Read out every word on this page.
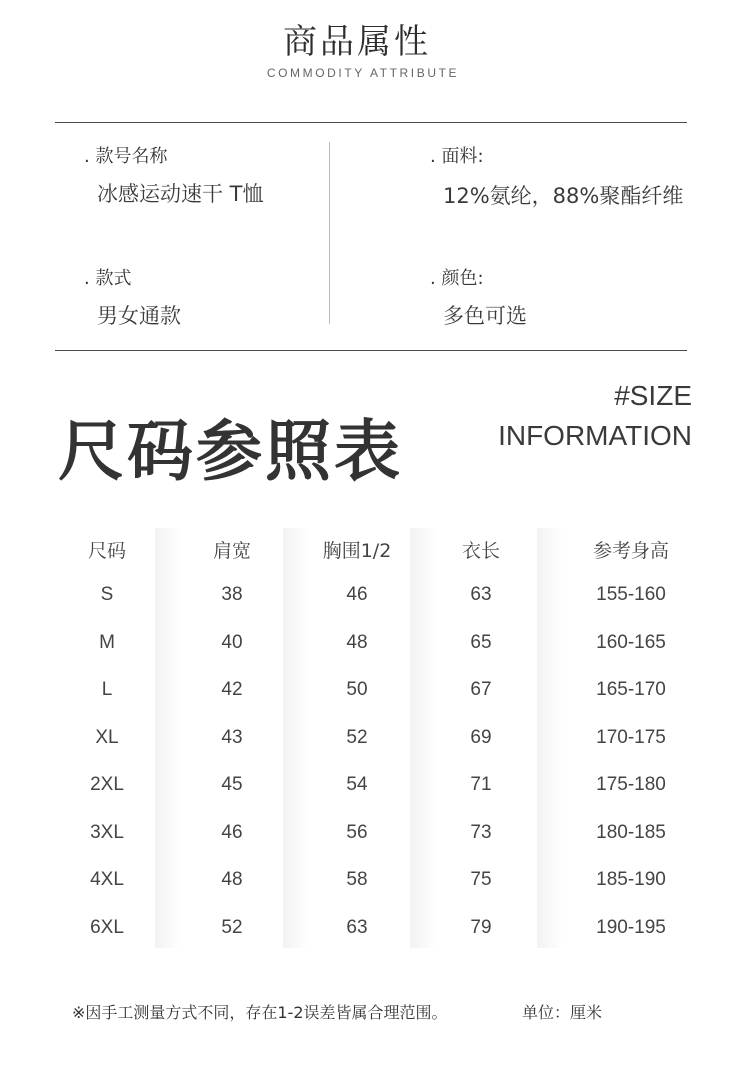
商品属性
COMMODITY ATTRIBUTE
. 款号名称
冰感运动速干 T恤
. 面料:
12%氨纶，88%聚酯纤维
. 款式
男女通款
. 颜色:
多色可选
尺码参照表
#SIZE
INFORMATION
尺码	肩宽	胸围1/2	衣长	参考身高
S	38	46	63	155-160
M	40	48	65	160-165
L	42	50	67	165-170
XL	43	52	69	170-175
2XL	45	54	71	175-180
3XL	46	56	73	180-185
4XL	48	58	75	185-190
6XL	52	63	79	190-195
※因手工测量方式不同，存在1-2误差皆属合理范围。	单位：厘米
